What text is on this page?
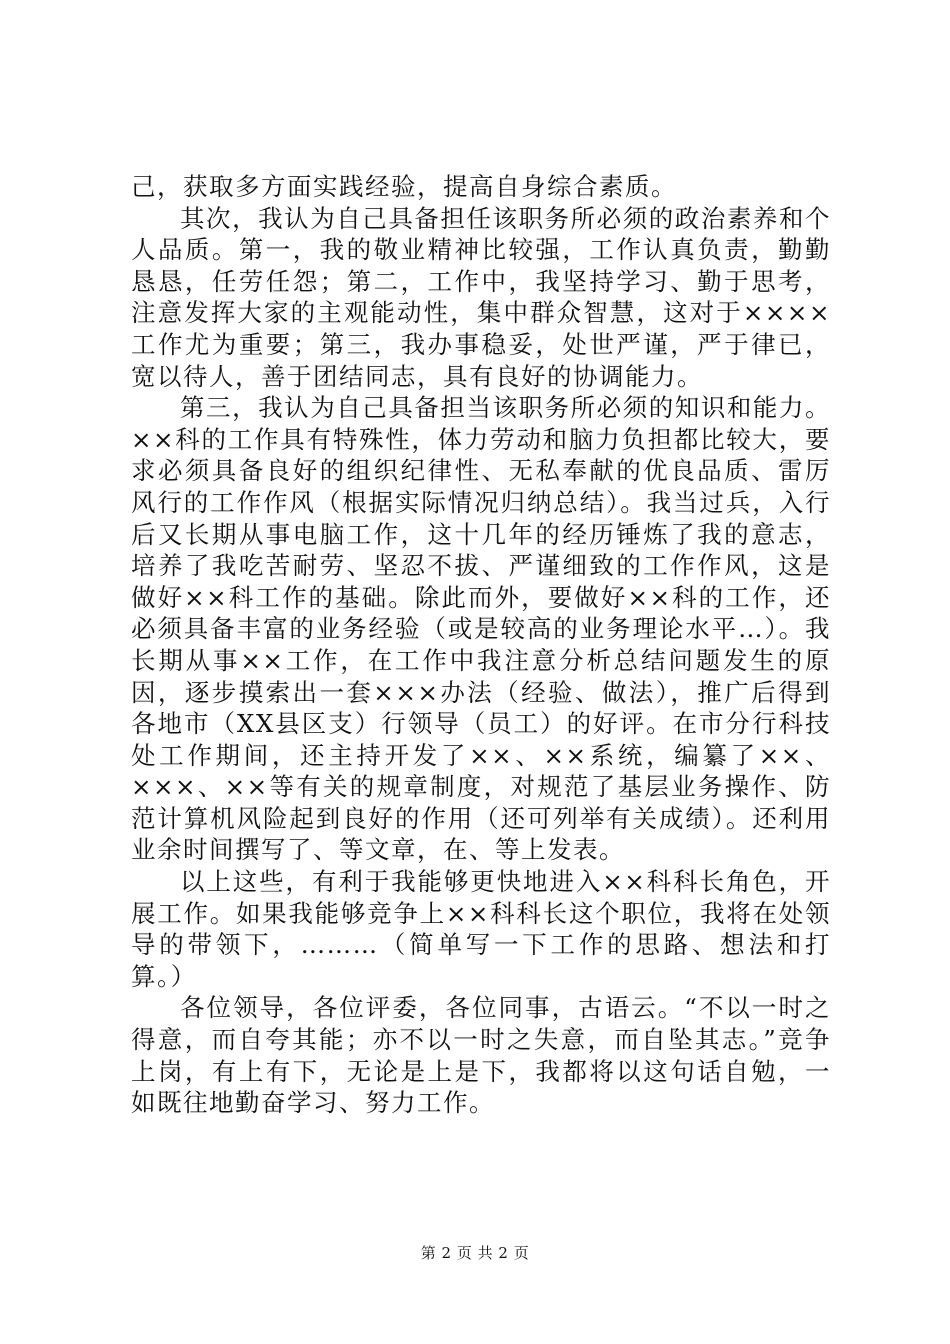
己，获取多方面实践经验，提高自身综合素质。

其次，我认为自己具备担任该职务所必须的政治素养和个人品质。第一，我的敬业精神比较强，工作认真负责，勤勤恳恳，任劳任怨；第二，工作中，我坚持学习、勤于思考，注意发挥大家的主观能动性，集中群众智慧，这对于××××工作尤为重要；第三，我办事稳妥，处世严谨，严于律已，宽以待人，善于团结同志，具有良好的协调能力。

第三，我认为自己具备担当该职务所必须的知识和能力。××科的工作具有特殊性，体力劳动和脑力负担都比较大，要求必须具备良好的组织纪律性、无私奉献的优良品质、雷厉风行的工作作风（根据实际情况归纳总结）。我当过兵，入行后又长期从事电脑工作，这十几年的经历锤炼了我的意志，培养了我吃苦耐劳、坚忍不拔、严谨细致的工作作风，这是做好××科工作的基础。除此而外，要做好××科的工作，还必须具备丰富的业务经验（或是较高的业务理论水平…）。我长期从事××工作，在工作中我注意分析总结问题发生的原因，逐步摸索出一套×××办法（经验、做法），推广后得到各地市（XX县区支）行领导（员工）的好评。在市分行科技处工作期间，还主持开发了××、××系统，编纂了××、×××、××等有关的规章制度，对规范了基层业务操作、防范计算机风险起到良好的作用（还可列举有关成绩）。还利用业余时间撰写了、等文章，在、等上发表。

以上这些，有利于我能够更快地进入××科科长角色，开展工作。如果我能够竞争上××科科长这个职位，我将在处领导的带领下，………（简单写一下工作的思路、想法和打算。）

各位领导，各位评委，各位同事，古语云。“不以一时之得意，而自夸其能；亦不以一时之失意，而自坠其志。”竞争上岗，有上有下，无论是上是下，我都将以这句话自勉，一如既往地勤奋学习、努力工作。

第 2 页 共 2 页
